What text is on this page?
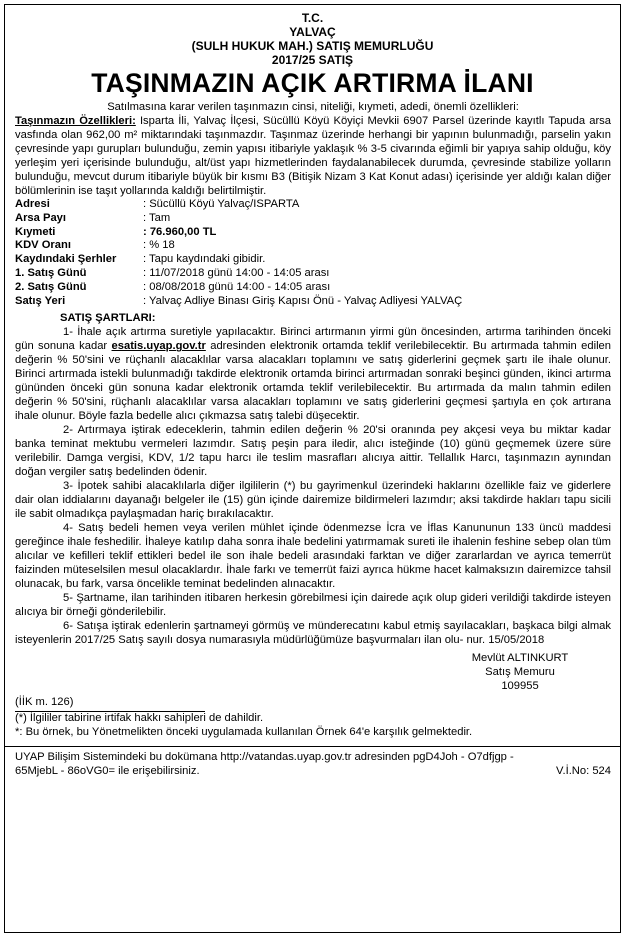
T.C.
YALVAÇ
(SULH HUKUK MAH.) SATIŞ MEMURLUĞU
2017/25 SATIŞ
TAŞINMAZIN AÇIK ARTIRMA İLANI
Satılmasına karar verilen taşınmazın cinsi, niteliği, kıymeti, adedi, önemli özellikleri:
Taşınmazın Özellikleri: Isparta İli, Yalvaç İlçesi, Sücüllü Köyü Köyiçi Mevkii 6907 Parsel üzerinde kayıtlı Tapuda arsa vasfında olan 962,00 m² miktarındaki taşınmazdır. Taşınmaz üzerinde herhangi bir yapının bulunmadığı, parselin yakın çevresinde yapı gurupları bulunduğu, zemin yapısı itibariyle yaklaşık % 3-5 civarında eğimli bir yapıya sahip olduğu, köy yerleşim yeri içerisinde bulunduğu, alt/üst yapı hizmetlerinden faydalanabilecek durumda, çevresinde stabilize yolların bulunduğu, mevcut durum itibariyle büyük bir kısmı B3 (Bitişik Nizam 3 Kat Konut adası) içerisinde yer aldığı kalan diğer bölümlerinin ise taşıt yollarında kaldığı belirtilmiştir.
Adresi	: Sücüllü Köyü Yalvaç/ISPARTA
Arsa Payı	: Tam
Kıymeti	: 76.960,00 TL
KDV Oranı	: % 18
Kaydındaki Şerhler	: Tapu kaydındaki gibidir.
1. Satış Günü	: 11/07/2018 günü 14:00 - 14:05 arası
2. Satış Günü	: 08/08/2018 günü 14:00 - 14:05 arası
Satış Yeri	: Yalvaç Adliye Binası Giriş Kapısı Önü - Yalvaç Adliyesi YALVAÇ
SATIŞ ŞARTLARI:
1- İhale açık artırma suretiyle yapılacaktır. Birinci artırmanın yirmi gün öncesinden, artırma tarihinden önceki gün sonuna kadar esatis.uyap.gov.tr adresinden elektronik ortamda teklif verilebilecektir. Bu artırmada tahmin edilen değerin % 50'sini ve rüçhanlı alacaklılar varsa alacakları toplamını ve satış giderlerini geçmek şartı ile ihale olunur. Birinci artırmada istekli bulunmadığı takdirde elektronik ortamda birinci artırmadan sonraki beşinci günden, ikinci artırma gününden önceki gün sonuna kadar elektronik ortamda teklif verilebilecektir. Bu artırmada da malın tahmin edilen değerin % 50'sini, rüçhanlı alacaklılar varsa alacakları toplamını ve satış giderlerini geçmesi şartıyla en çok artırana ihale olunur. Böyle fazla bedelle alıcı çıkmazsa satış talebi düşecektir.
2- Artırmaya iştirak edeceklerin, tahmin edilen değerin % 20'si oranında pey akçesi veya bu miktar kadar banka teminat mektubu vermeleri lazımdır. Satış peşin para iledir, alıcı isteğinde (10) günü geçmemek üzere süre verilebilir. Damga vergisi, KDV, 1/2 tapu harcı ile teslim masrafları alıcıya aittir. Tellallık Harcı, taşınmazın aynından doğan vergiler satış bedelinden ödenir.
3- İpotek sahibi alacaklılarla diğer ilgililerin (*) bu gayrimenkul üzerindeki haklarını özellikle faiz ve giderlere dair olan iddialarını dayanağı belgeler ile (15) gün içinde dairemize bildirmeleri lazımdır; aksi takdirde hakları tapu sicili ile sabit olmadıkça paylaşmadan hariç bırakılacaktır.
4- Satış bedeli hemen veya verilen mühlet içinde ödenmezse İcra ve İflas Kanununun 133 üncü maddesi gereğince ihale feshedilir. İhaleye katılıp daha sonra ihale bedelini yatırmamak sureti ile ihalenin feshine sebep olan tüm alıcılar ve kefilleri teklif ettikleri bedel ile son ihale bedeli arasındaki farktan ve diğer zararlardan ve ayrıca temerrüt faizinden müteselsilen mesul olacaklardır. İhale farkı ve temerrüt faizi ayrıca hükme hacet kalmaksızın dairemizce tahsil olunacak, bu fark, varsa öncelikle teminat bedelinden alınacaktır.
5- Şartname, ilan tarihinden itibaren herkesin görebilmesi için dairede açık olup gideri verildiği takdirde isteyen alıcıya bir örneği gönderilebilir.
6- Satışa iştirak edenlerin şartnameyi görmüş ve münderecatını kabul etmiş sayılacakları, başkaca bilgi almak isteyenlerin 2017/25 Satış sayılı dosya numarasıyla müdürlüğümüze başvurmaları ilan olu- nur. 15/05/2018
Mevlüt ALTINKURT
Satış Memuru
109955
(İİK m. 126)
(*) İlgililer tabirine irtifak hakkı sahipleri de dahildir.
*: Bu örnek, bu Yönetmelikten önceki uygulamada kullanılan Örnek 64'e karşılık gelmektedir.
UYAP Bilişim Sistemindeki bu dokümana http://vatandas.uyap.gov.tr adresinden pgD4Joh - O7dfjgp -
65MjebL - 86oVG0= ile erişebilirsiniz.	V.İ.No: 524
